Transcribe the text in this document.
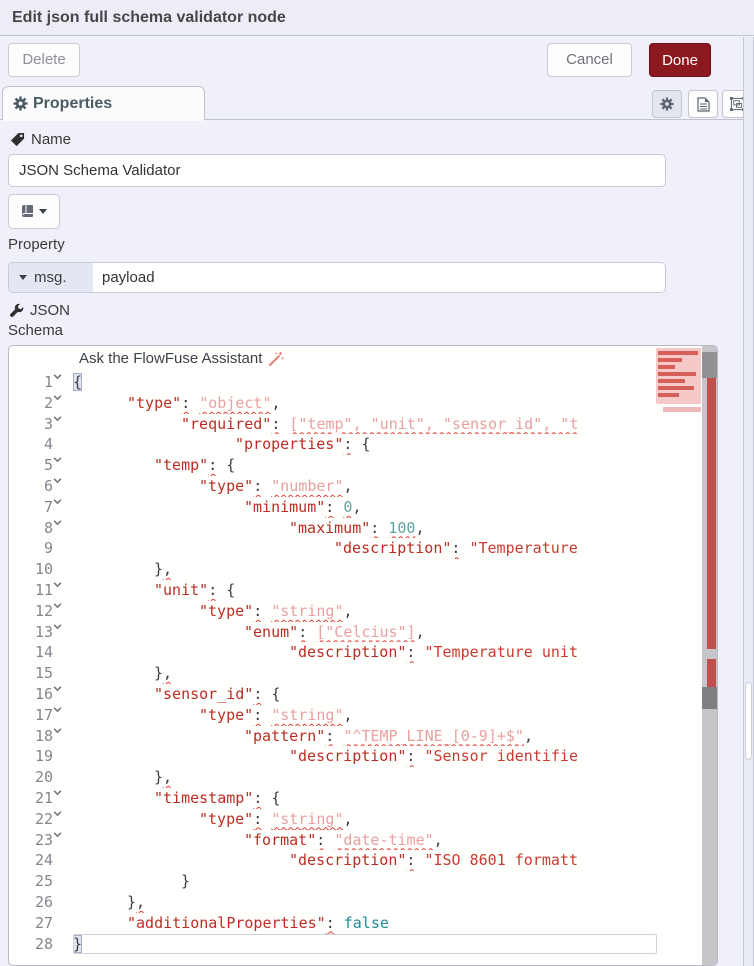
Edit json full schema validator node
Delete	Cancel	Done
Properties
Name
JSON Schema Validator
Property
msg.	payload
JSON
Schema
Ask the FlowFuse Assistant
1 {
2	"type": "object",
3	"required": ["temp", "unit", "sensor_id", "t
4	"properties": {
5	"temp": {
6	"type": "number",
7	"minimum": 0,
8	"maximum": 100,
9	"description": "Temperature
10	},
11	"unit": {
12	"type": "string",
13	"enum": ["Celcius"],
14	"description": "Temperature unit
15	},
16	"sensor_id": {
17	"type": "string",
18	"pattern": "^TEMP_LINE_[0-9]+$",
19	"description": "Sensor identifie
20	},
21	"timestamp": {
22	"type": "string",
23	"format": "date-time",
24	"description": "ISO 8601 formatt
25	}
26	},
27	"additionalProperties": false
28 }
